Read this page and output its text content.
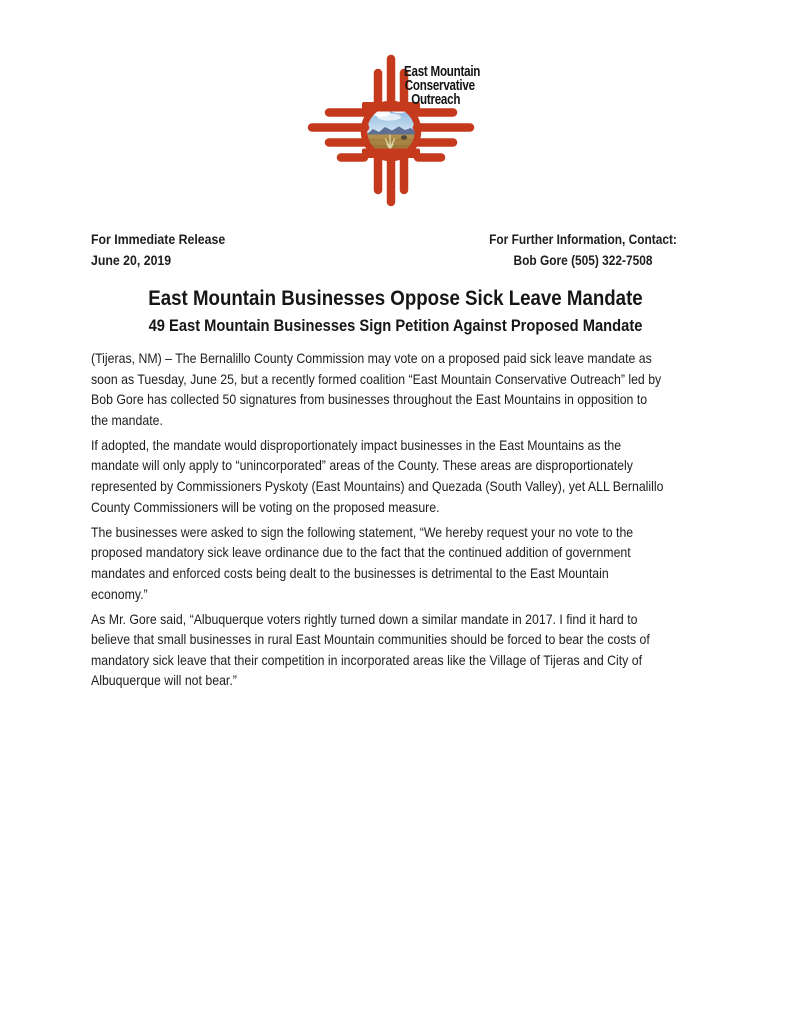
East Mountain
Conservative
Outreach
For Immediate Release
June 20, 2019
For Further Information, Contact:
Bob Gore (505) 322-7508
East Mountain Businesses Oppose Sick Leave Mandate
49 East Mountain Businesses Sign Petition Against Proposed Mandate

(Tijeras, NM) – The Bernalillo County Commission may vote on a proposed paid sick leave mandate as
soon as Tuesday, June 25, but a recently formed coalition “East Mountain Conservative Outreach” led by
Bob Gore has collected 50 signatures from businesses throughout the East Mountains in opposition to
the mandate.

If adopted, the mandate would disproportionately impact businesses in the East Mountains as the
mandate will only apply to “unincorporated” areas of the County. These areas are disproportionately
represented by Commissioners Pyskoty (East Mountains) and Quezada (South Valley), yet ALL Bernalillo
County Commissioners will be voting on the proposed measure.

The businesses were asked to sign the following statement, “We hereby request your no vote to the
proposed mandatory sick leave ordinance due to the fact that the continued addition of government
mandates and enforced costs being dealt to the businesses is detrimental to the East Mountain
economy.”

As Mr. Gore said, “Albuquerque voters rightly turned down a similar mandate in 2017. I find it hard to
believe that small businesses in rural East Mountain communities should be forced to bear the costs of
mandatory sick leave that their competition in incorporated areas like the Village of Tijeras and City of
Albuquerque will not bear.”
